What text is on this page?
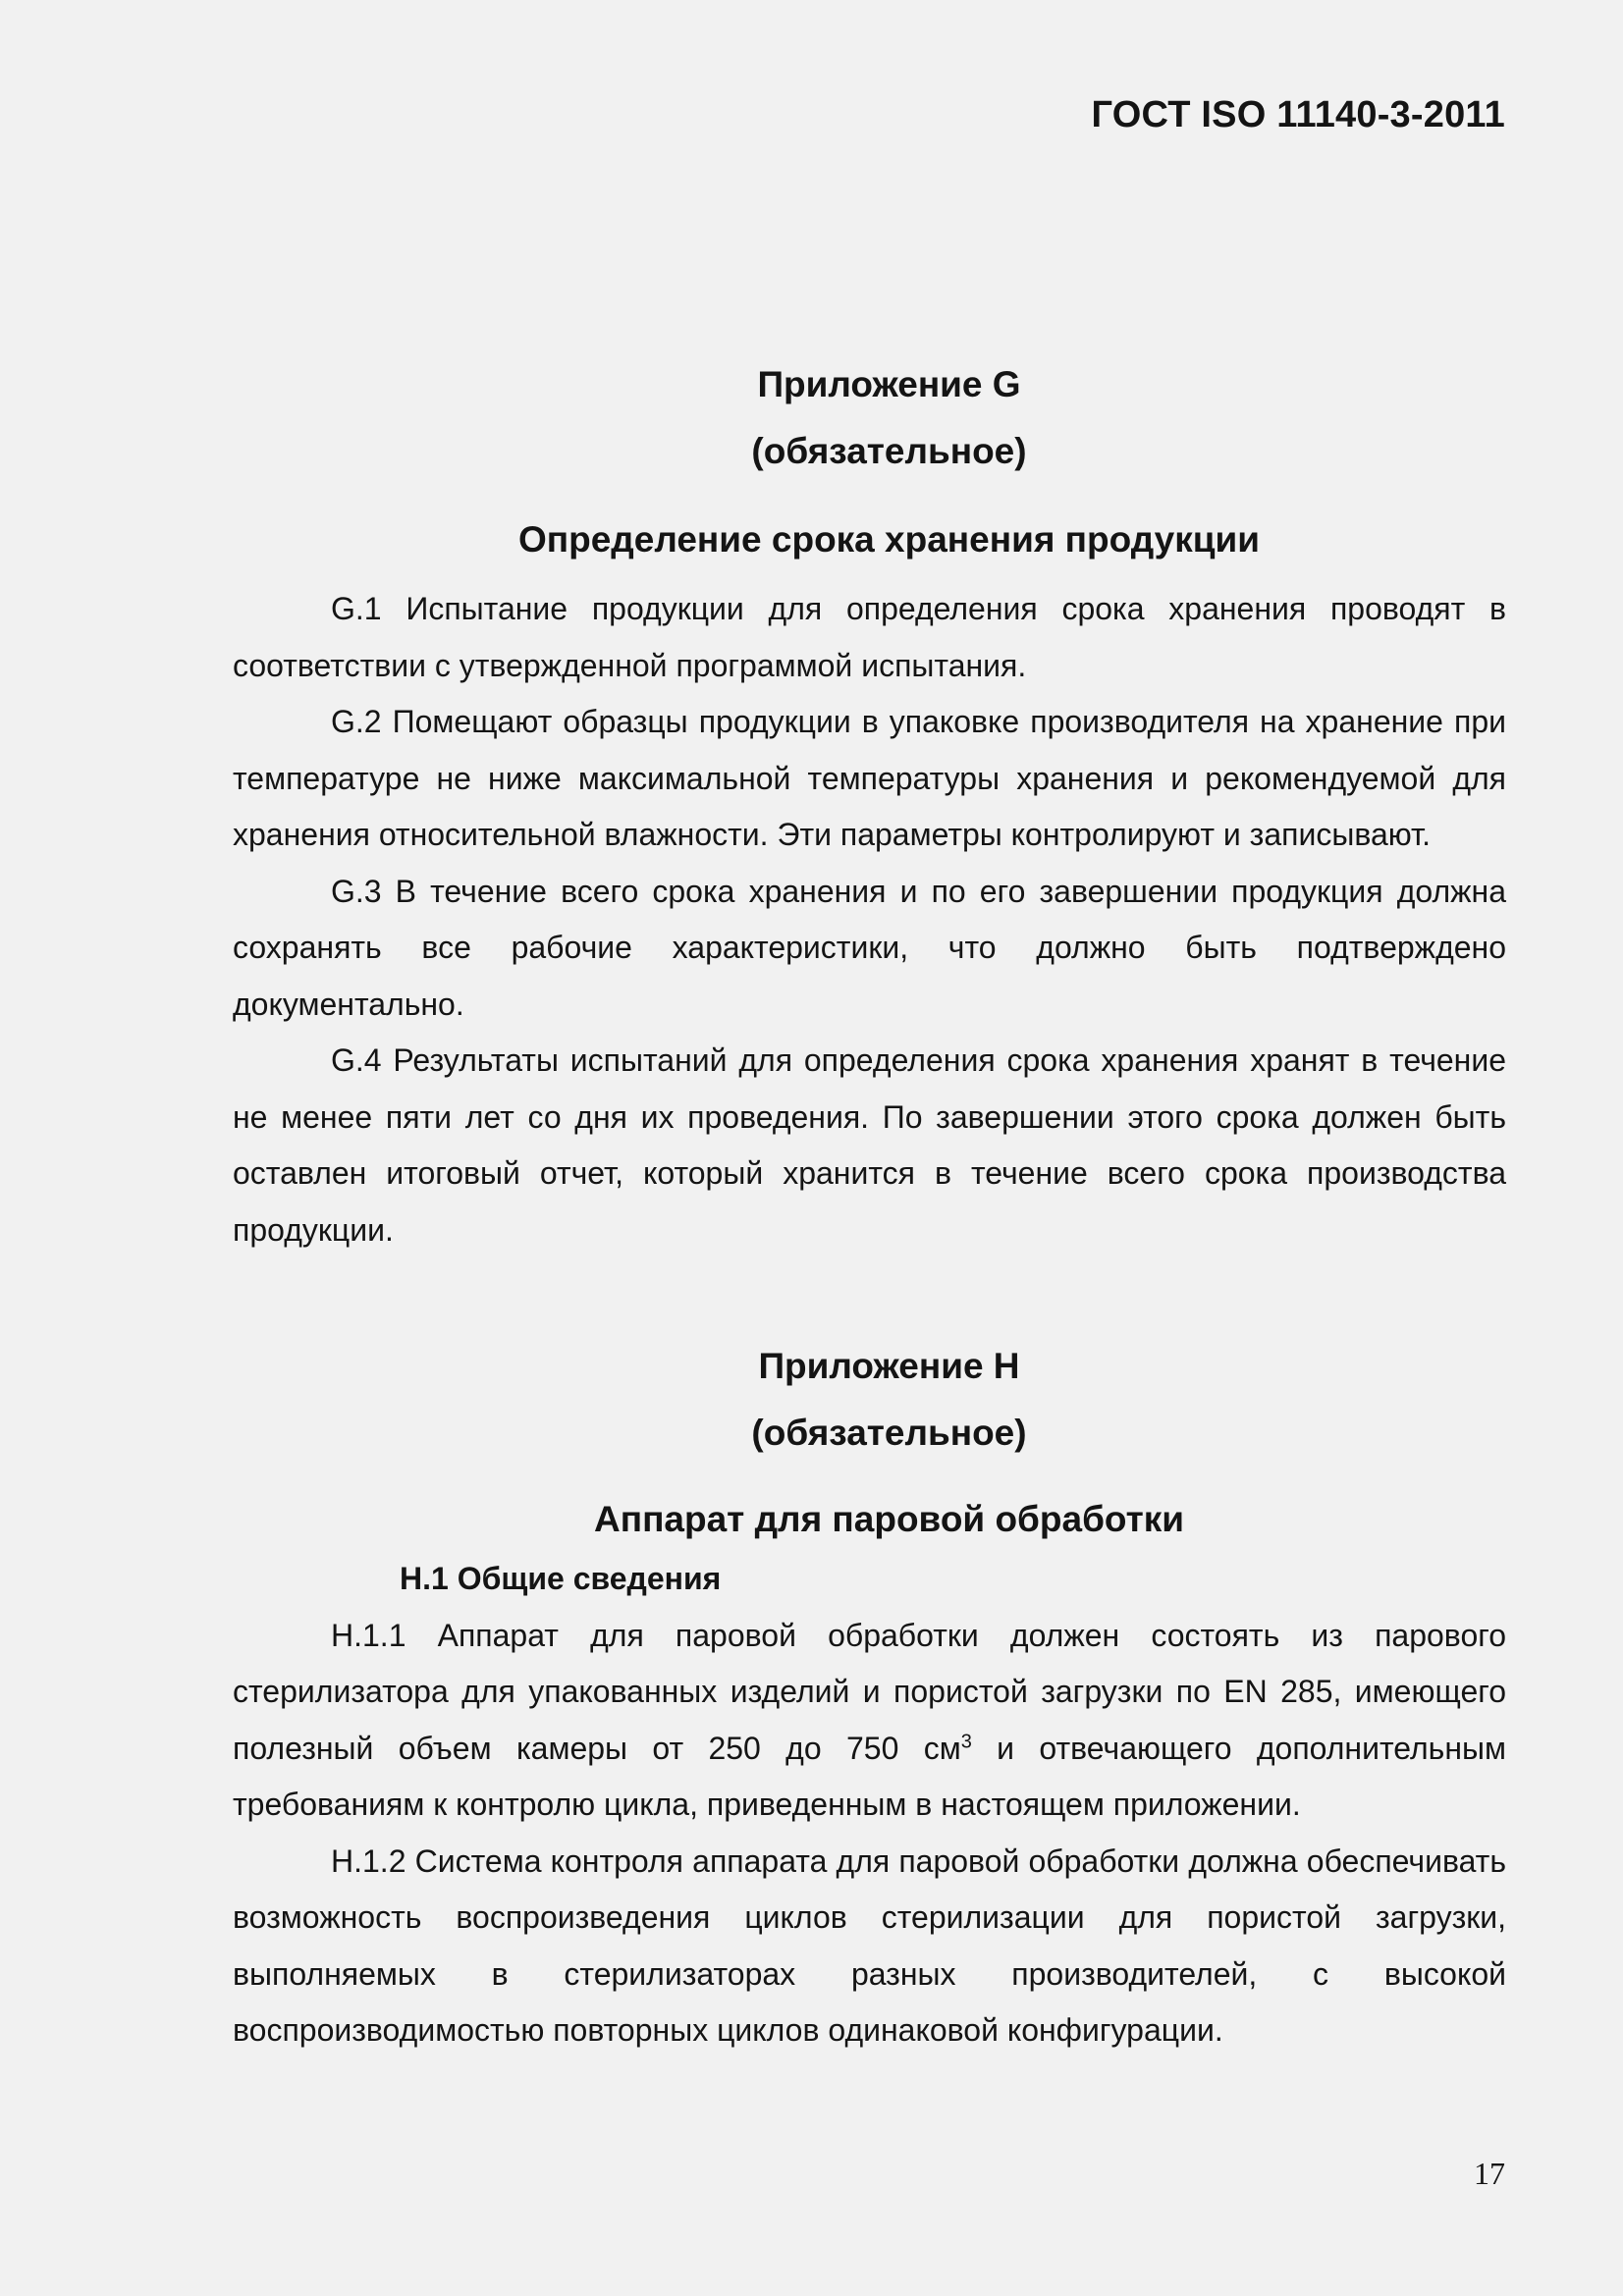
ГОСТ ISO 11140-3-2011

Приложение G

(обязательное)

Определение срока хранения продукции

G.1 Испытание продукции для определения срока хранения проводят в соответствии с утвержденной программой испытания.

G.2 Помещают образцы продукции в упаковке производителя на хранение при температуре не ниже максимальной температуры хранения и рекомендуемой для хранения относительной влажности. Эти параметры контролируют и записывают.

G.3 В течение всего срока хранения и по его завершении продукция должна сохранять все рабочие характеристики, что должно быть подтверждено документально.

G.4 Результаты испытаний для определения срока хранения хранят в течение не менее пяти лет со дня их проведения. По завершении этого срока должен быть оставлен итоговый отчет, который хранится в течение всего срока производства продукции.

Приложение H

(обязательное)

Аппарат для паровой обработки

H.1 Общие сведения

H.1.1 Аппарат для паровой обработки должен состоять из парового стерилизатора для упакованных изделий и пористой загрузки по EN 285, имеющего полезный объем камеры от 250 до 750 $см^3$ и отвечающего дополнительным требованиям к контролю цикла, приведенным в настоящем приложении.

H.1.2 Система контроля аппарата для паровой обработки должна обеспечивать возможность воспроизведения циклов стерилизации для пористой загрузки, выполняемых в стерилизаторах разных производителей, с высокой воспроизводимостью повторных циклов одинаковой конфигурации.

17
